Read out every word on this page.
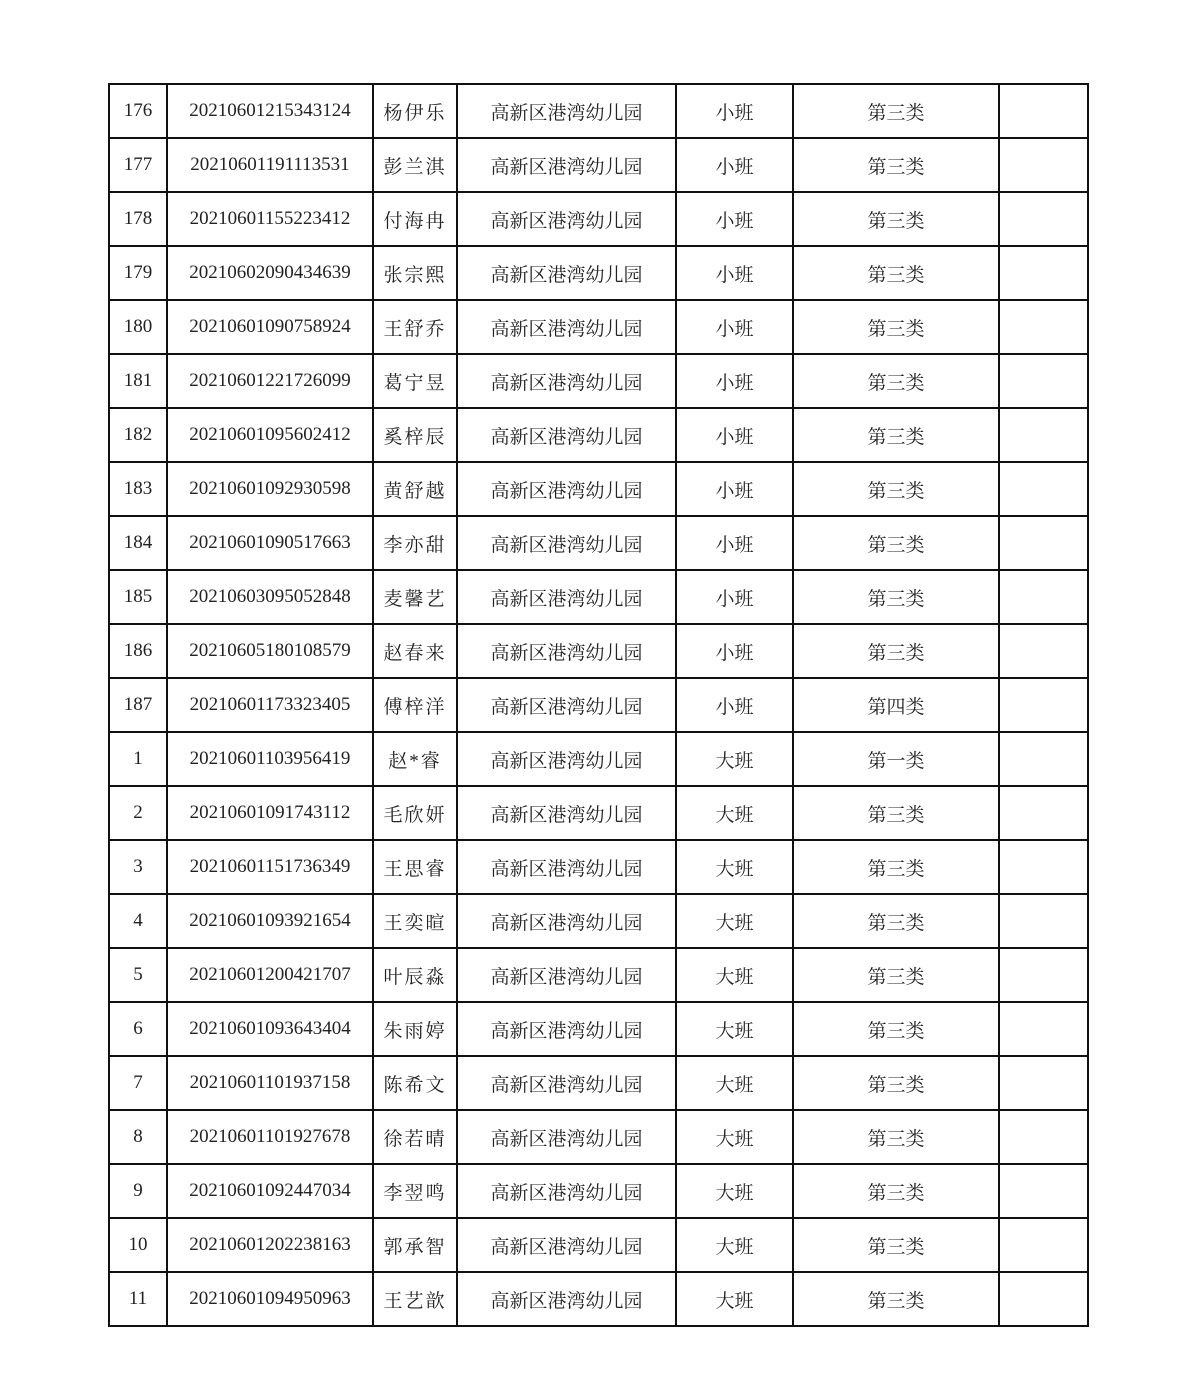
176	20210601215343124	杨伊乐	高新区港湾幼儿园	小班	第三类	
177	20210601191113531	彭兰淇	高新区港湾幼儿园	小班	第三类	
178	20210601155223412	付海冉	高新区港湾幼儿园	小班	第三类	
179	20210602090434639	张宗熙	高新区港湾幼儿园	小班	第三类	
180	20210601090758924	王舒乔	高新区港湾幼儿园	小班	第三类	
181	20210601221726099	葛宁昱	高新区港湾幼儿园	小班	第三类	
182	20210601095602412	奚梓辰	高新区港湾幼儿园	小班	第三类	
183	20210601092930598	黄舒越	高新区港湾幼儿园	小班	第三类	
184	20210601090517663	李亦甜	高新区港湾幼儿园	小班	第三类	
185	20210603095052848	麦馨艺	高新区港湾幼儿园	小班	第三类	
186	20210605180108579	赵春来	高新区港湾幼儿园	小班	第三类	
187	20210601173323405	傅梓洋	高新区港湾幼儿园	小班	第四类	
1	20210601103956419	赵*睿	高新区港湾幼儿园	大班	第一类	
2	20210601091743112	毛欣妍	高新区港湾幼儿园	大班	第三类	
3	20210601151736349	王思睿	高新区港湾幼儿园	大班	第三类	
4	20210601093921654	王奕暄	高新区港湾幼儿园	大班	第三类	
5	20210601200421707	叶辰淼	高新区港湾幼儿园	大班	第三类	
6	20210601093643404	朱雨婷	高新区港湾幼儿园	大班	第三类	
7	20210601101937158	陈希文	高新区港湾幼儿园	大班	第三类	
8	20210601101927678	徐若晴	高新区港湾幼儿园	大班	第三类	
9	20210601092447034	李翌鸣	高新区港湾幼儿园	大班	第三类	
10	20210601202238163	郭承智	高新区港湾幼儿园	大班	第三类	
11	20210601094950963	王艺歆	高新区港湾幼儿园	大班	第三类	
